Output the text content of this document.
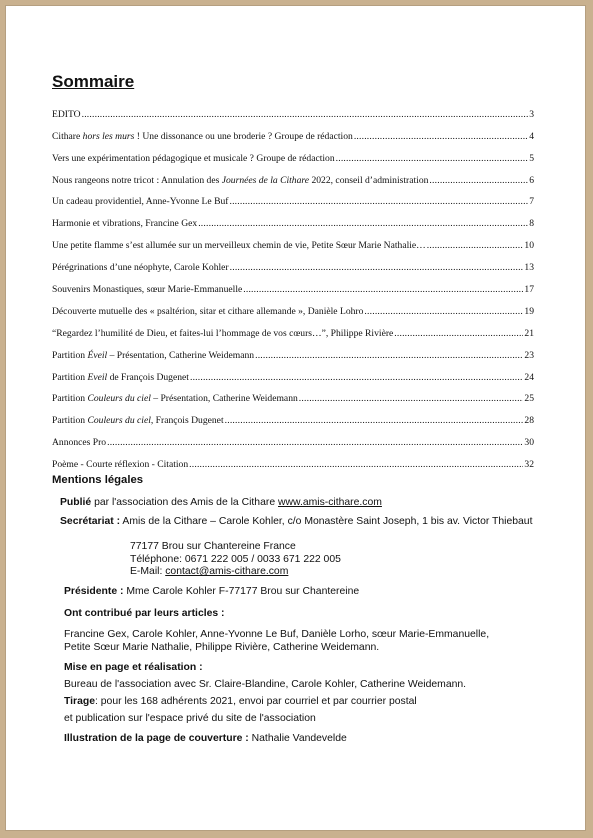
Sommaire
EDITO .....	3
Cithare hors les murs ! Une dissonance ou une broderie ? Groupe de rédaction .....	4
Vers une expérimentation pédagogique et musicale ? Groupe de rédaction .....	5
Nous rangeons notre tricot : Annulation des Journées de la Cithare 2022, conseil d’administration .....	6
Un cadeau providentiel, Anne-Yvonne Le Buf .....	7
Harmonie et vibrations, Francine Gex .....	8
Une petite flamme s’est allumée sur un merveilleux chemin de vie, Petite Sœur Marie Nathalie… .....	10
Pérégrinations d’une néophyte, Carole Kohler .....	13
Souvenirs Monastiques, sœur Marie-Emmanuelle .....	17
Découverte mutuelle des « psaltérion, sitar et cithare allemande », Danièle Lohro .....	19
“Regardez l’humilité de Dieu, et faites-lui l’hommage de vos cœurs…”, Philippe Rivière .....	21
Partition Éveil – Présentation, Catherine Weidemann .....	23
Partition Eveil de François Dugenet .....	24
Partition Couleurs du ciel – Présentation, Catherine Weidemann .....	25
Partition Couleurs du ciel, François Dugenet .....	28
Annonces Pro .....	30
Poème - Courte réflexion - Citation .....	32
Mentions légales
Publié par l'association des Amis de la Cithare www.amis-cithare.com
Secrétariat : Amis de la Cithare – Carole Kohler, c/o Monastère Saint Joseph, 1 bis av. Victor Thiebaut
77177 Brou sur Chantereine France
Téléphone: 0671 222 005 / 0033 671 222 005
E-Mail: contact@amis-cithare.com
Présidente : Mme Carole Kohler F-77177 Brou sur Chantereine
Ont contribué par leurs articles :
Francine Gex, Carole Kohler, Anne-Yvonne Le Buf, Danièle Lorho, sœur Marie-Emmanuelle,
Petite Sœur Marie Nathalie, Philippe Rivière, Catherine Weidemann.
Mise en page et réalisation :
Bureau de l'association avec Sr. Claire-Blandine, Carole Kohler, Catherine Weidemann.
Tirage: pour les 168 adhérents 2021, envoi par courriel et par courrier postal
et publication sur l'espace privé du site de l'association
Illustration de la page de couverture : Nathalie Vandevelde
